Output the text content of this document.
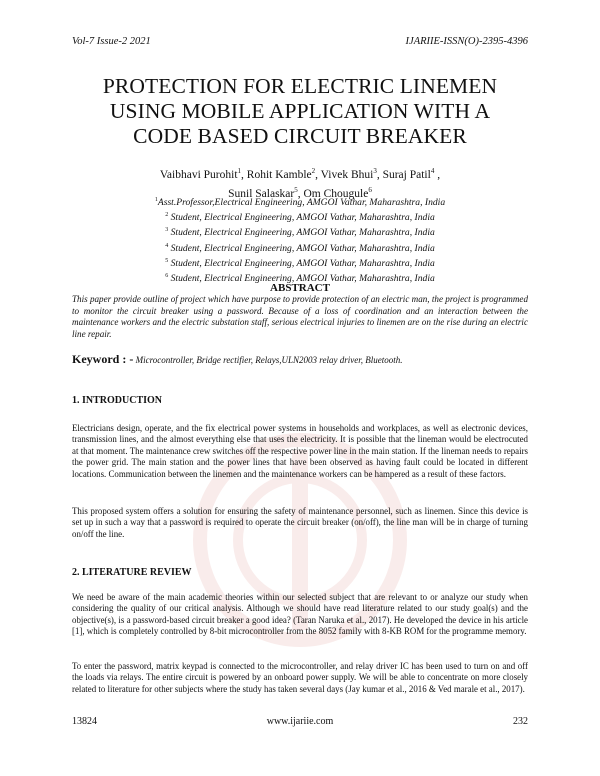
Vol-7 Issue-2 2021	IJARIIE-ISSN(O)-2395-4396
PROTECTION FOR ELECTRIC LINEMEN
USING MOBILE APPLICATION WITH A
CODE BASED CIRCUIT BREAKER
Vaibhavi Purohit$^1$, Rohit Kamble$^2$, Vivek Bhui$^3$, Suraj Patil$^4$ ,
Sunil Salaskar$^5$, Om Chougule$^6$
$^1$Asst.Professor,Electrical Engineering, AMGOI Vathar, Maharashtra, India
$^2$ Student, Electrical Engineering, AMGOI Vathar, Maharashtra, India
$^3$ Student, Electrical Engineering, AMGOI Vathar, Maharashtra, India
$^4$ Student, Electrical Engineering, AMGOI Vathar, Maharashtra, India
$^5$ Student, Electrical Engineering, AMGOI Vathar, Maharashtra, India
$^6$ Student, Electrical Engineering, AMGOI Vathar, Maharashtra, India
ABSTRACT
This paper provide outline of project which have purpose to provide protection of an electric man, the project is programmed to monitor the circuit breaker using a password. Because of a loss of coordination and an interaction between the maintenance workers and the electric substation staff, serious electrical injuries to linemen are on the rise during an electric line repair.
Keyword : - Microcontroller, Bridge rectifier, Relays,ULN2003 relay driver, Bluetooth.
1. INTRODUCTION
Electricians design, operate, and the fix electrical power systems in households and workplaces, as well as electronic devices, transmission lines, and the almost everything else that uses the electricity. It is possible that the lineman would be electrocuted at that moment. The maintenance crew switches off the respective power line in the main station. If the lineman needs to repairs the power grid. The main station and the power lines that have been observed as having fault could be located in different locations. Communication between the linemen and the maintenance workers can be hampered as a result of these factors.
This proposed system offers a solution for ensuring the safety of maintenance personnel, such as linemen. Since this device is set up in such a way that a password is required to operate the circuit breaker (on/off), the line man will be in charge of turning on/off the line.
2. LITERATURE REVIEW
We need be aware of the main academic theories within our selected subject that are relevant to or analyze our study when considering the quality of our critical analysis. Although we should have read literature related to our study goal(s) and the objective(s), is a password-based circuit breaker a good idea? (Taran Naruka et al., 2017). He developed the device in his article [1], which is completely controlled by 8-bit microcontroller from the 8052 family with 8-KB ROM for the programme memory.
To enter the password, matrix keypad is connected to the microcontroller, and relay driver IC has been used to turn on and off the loads via relays. The entire circuit is powered by an onboard power supply. We will be able to concentrate on more closely related to literature for other subjects where the study has taken several days (Jay kumar et al., 2016 & Ved marale et al., 2017).
13824	www.ijariie.com	232
